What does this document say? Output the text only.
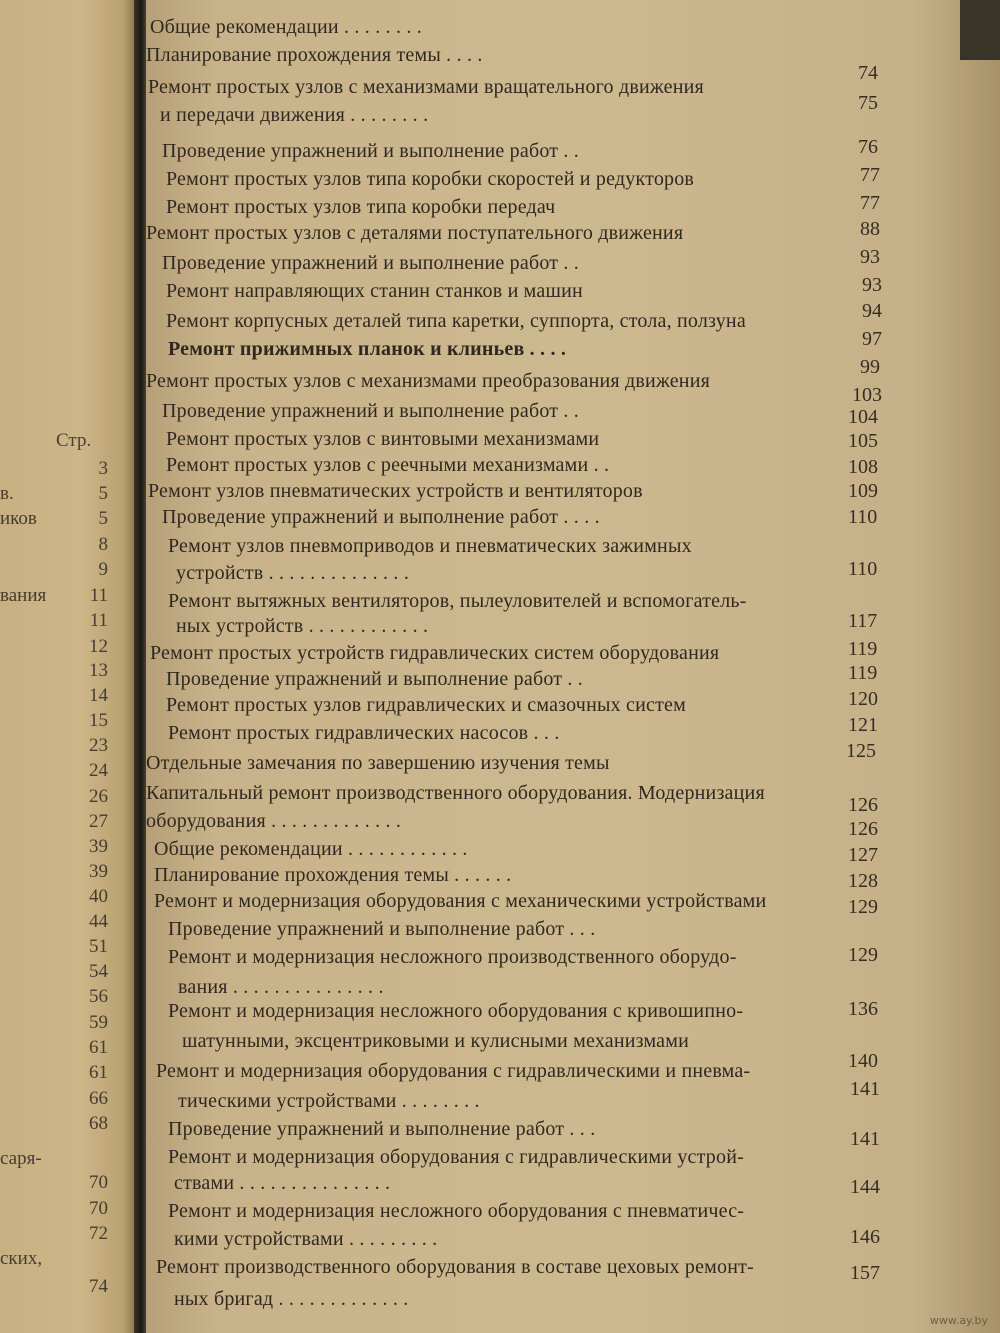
Стр.
3
в.	5
иков	5
8
9
вания 11
11
12
13
14
15
23
24
26
27
39
39
40
44
51
54
56
59
61
61
66
68
саря-
70
70
72
ских,
74
Общие рекомендации . . . . . . . .
Планирование прохождения темы . . . .
Ремонт простых узлов с механизмами вращательного движения
и передачи движения . . . . . . . .
Проведение упражнений и выполнение работ . .
Ремонт простых узлов типа коробки скоростей и редукторов
Ремонт простых узлов типа коробки передач
Ремонт простых узлов с деталями поступательного движения
Проведение упражнений и выполнение работ . .
Ремонт направляющих станин станков и машин
Ремонт корпусных деталей типа каретки, суппорта, стола, ползуна
Ремонт прижимных планок и клиньев . . . .
Ремонт простых узлов с механизмами преобразования движения
Проведение упражнений и выполнение работ . .
Ремонт простых узлов с винтовыми механизмами
Ремонт простых узлов с реечными механизмами . .
Ремонт узлов пневматических устройств и вентиляторов
Проведение упражнений и выполнение работ . . . .
Ремонт узлов пневмоприводов и пневматических зажимных
устройств . . . . . . . . . . . . . .
Ремонт вытяжных вентиляторов, пылеуловителей и вспомогатель-
ных устройств . . . . . . . . . . . .
Ремонт простых устройств гидравлических систем оборудования
Проведение упражнений и выполнение работ . .
Ремонт простых узлов гидравлических и смазочных систем
Ремонт простых гидравлических насосов . . .
Отдельные замечания по завершению изучения темы
Капитальный ремонт производственного оборудования. Модернизация
оборудования . . . . . . . . . . . . .
Общие рекомендации . . . . . . . . . . . .
Планирование прохождения темы . . . . . .
Ремонт и модернизация оборудования с механическими устройствами
Проведение упражнений и выполнение работ . . .
Ремонт и модернизация несложного производственного оборудо-
вания . . . . . . . . . . . . . . .
Ремонт и модернизация несложного оборудования с кривошипно-
шатунными, эксцентриковыми и кулисными механизмами
Ремонт и модернизация оборудования с гидравлическими и пневма-
тическими устройствами . . . . . . . .
Проведение упражнений и выполнение работ . . .
Ремонт и модернизация оборудования с гидравлическими устрой-
ствами . . . . . . . . . . . . . . .
Ремонт и модернизация несложного оборудования с пневматичес-
кими устройствами . . . . . . . . .
Ремонт производственного оборудования в составе цеховых ремонт-
ных бригад . . . . . . . . . . . . .
74
75
76
77
77
88
93
93
94
97
99
103
104
105
108
109
110
110
117
119
119
120
121
125
126
126
127
128
129
129
136
140
141
141
144
146
157
www.ay.by
